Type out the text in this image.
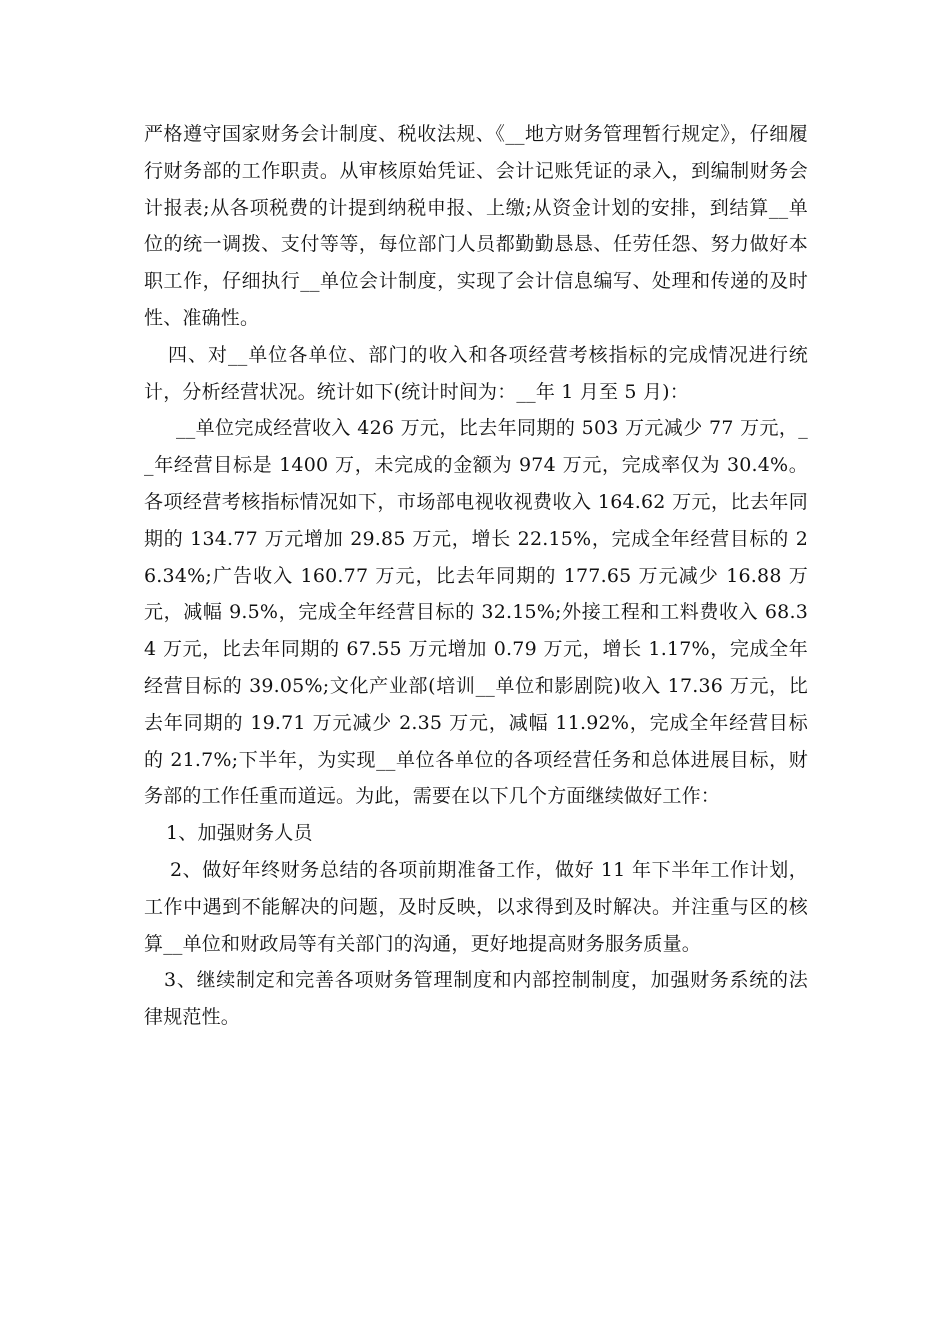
严格遵守国家财务会计制度、税收法规、《__地方财务管理暂行规定》，仔细履行财务部的工作职责。从审核原始凭证、会计记账凭证的录入，到编制财务会计报表;从各项税费的计提到纳税申报、上缴;从资金计划的安排，到结算__单位的统一调拨、支付等等，每位部门人员都勤勤恳恳、任劳任怨、努力做好本职工作，仔细执行__单位会计制度，实现了会计信息编写、处理和传递的及时性、准确性。

四、对__单位各单位、部门的收入和各项经营考核指标的完成情况进行统计，分析经营状况。统计如下(统计时间为：__年 1 月至 5 月)：

__单位完成经营收入 426 万元，比去年同期的 503 万元减少 77 万元，__年经营目标是 1400 万，未完成的金额为 974 万元，完成率仅为 30.4%。各项经营考核指标情况如下，市场部电视收视费收入 164.62 万元，比去年同期的 134.77 万元增加 29.85 万元，增长 22.15%，完成全年经营目标的 26.34%;广告收入 160.77 万元，比去年同期的 177.65 万元减少 16.88 万元，减幅 9.5%，完成全年经营目标的 32.15%;外接工程和工料费收入 68.34 万元，比去年同期的 67.55 万元增加 0.79 万元，增长 1.17%，完成全年经营目标的 39.05%;文化产业部(培训__单位和影剧院)收入 17.36 万元，比去年同期的 19.71 万元减少 2.35 万元，减幅 11.92%，完成全年经营目标的 21.7%;下半年，为实现__单位各单位的各项经营任务和总体进展目标，财务部的工作任重而道远。为此，需要在以下几个方面继续做好工作：

1、加强财务人员

2、做好年终财务总结的各项前期准备工作，做好 11 年下半年工作计划，工作中遇到不能解决的问题，及时反映，以求得到及时解决。并注重与区的核算__单位和财政局等有关部门的沟通，更好地提高财务服务质量。

3、继续制定和完善各项财务管理制度和内部控制制度，加强财务系统的法律规范性。
